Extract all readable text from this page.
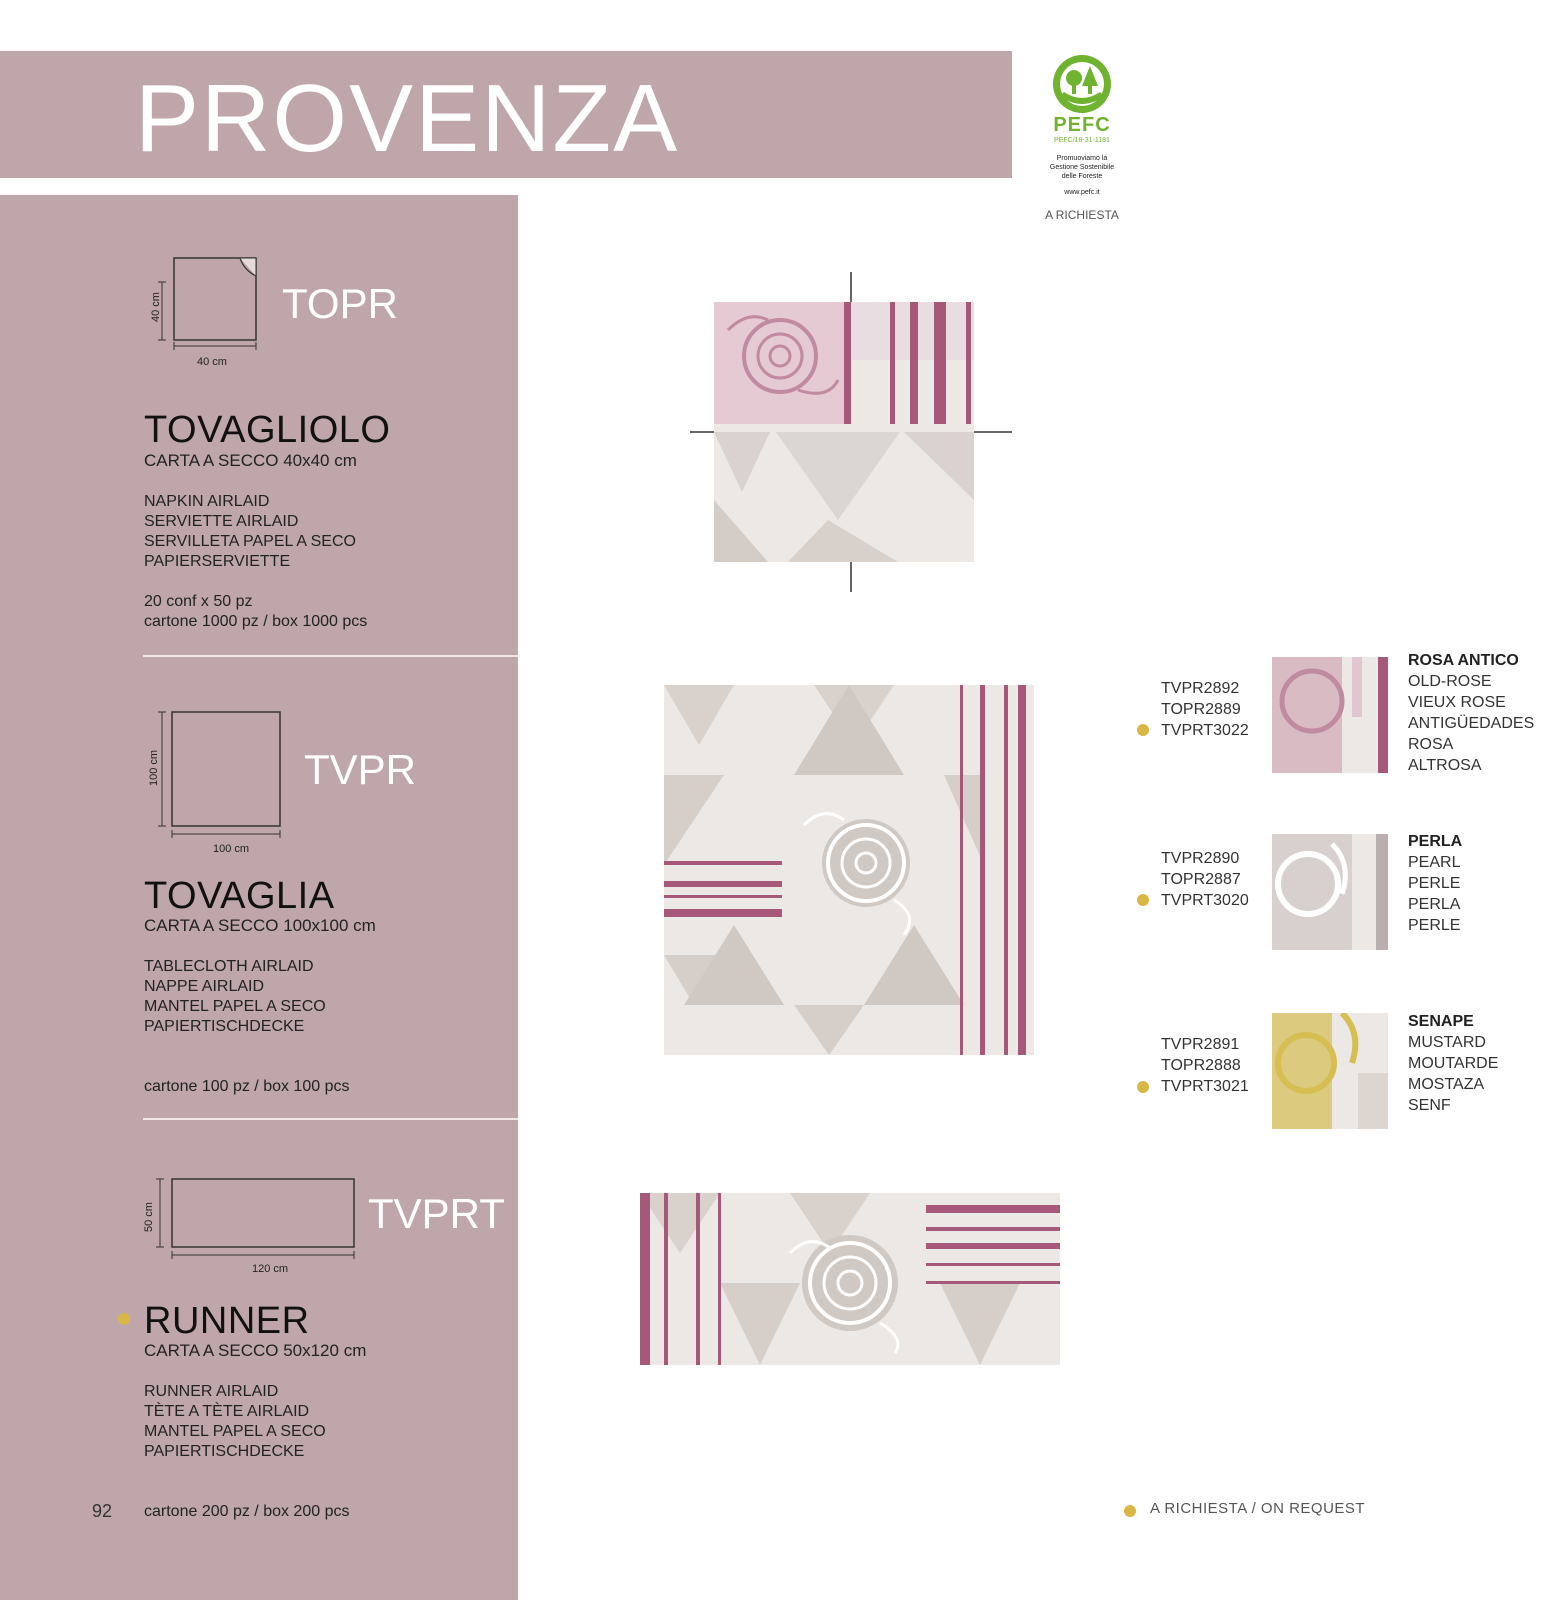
PROVENZA	PEFC
PEFC/18-31-1181
Promuoviamo la
Gestione Sostenibile
delle Foreste
www.pefc.it
A RICHIESTA
40 cm
40 cm
TOPR
TOVAGLIOLO
CARTA A SECCO 40x40 cm
NAPKIN AIRLAID
SERVIETTE AIRLAID
SERVILLETA PAPEL A SECO
PAPIERSERVIETTE
20 conf x 50 pz
cartone 1000 pz / box 1000 pcs
100 cm
100 cm
TVPR
TOVAGLIA
CARTA A SECCO 100x100 cm
TABLECLOTH AIRLAID
NAPPE AIRLAID
MANTEL PAPEL A SECO
PAPIERTISCHDECKE
cartone 100 pz / box 100 pcs
50 cm
120 cm
TVPRT
RUNNER
CARTA A SECCO 50x120 cm
RUNNER AIRLAID
TÈTE A TÈTE AIRLAID
MANTEL PAPEL A SECO
PAPIERTISCHDECKE
cartone 200 pz / box 200 pcs
92
TVPR2892
TOPR2889
TVPRT3022
ROSA ANTICO
OLD-ROSE
VIEUX ROSE
ANTIGÜEDADES
ROSA
ALTROSA
TVPR2890
TOPR2887
TVPRT3020
PERLA
PEARL
PERLE
PERLA
PERLE
TVPR2891
TOPR2888
TVPRT3021
SENAPE
MUSTARD
MOUTARDE
MOSTAZA
SENF
A RICHIESTA / ON REQUEST
